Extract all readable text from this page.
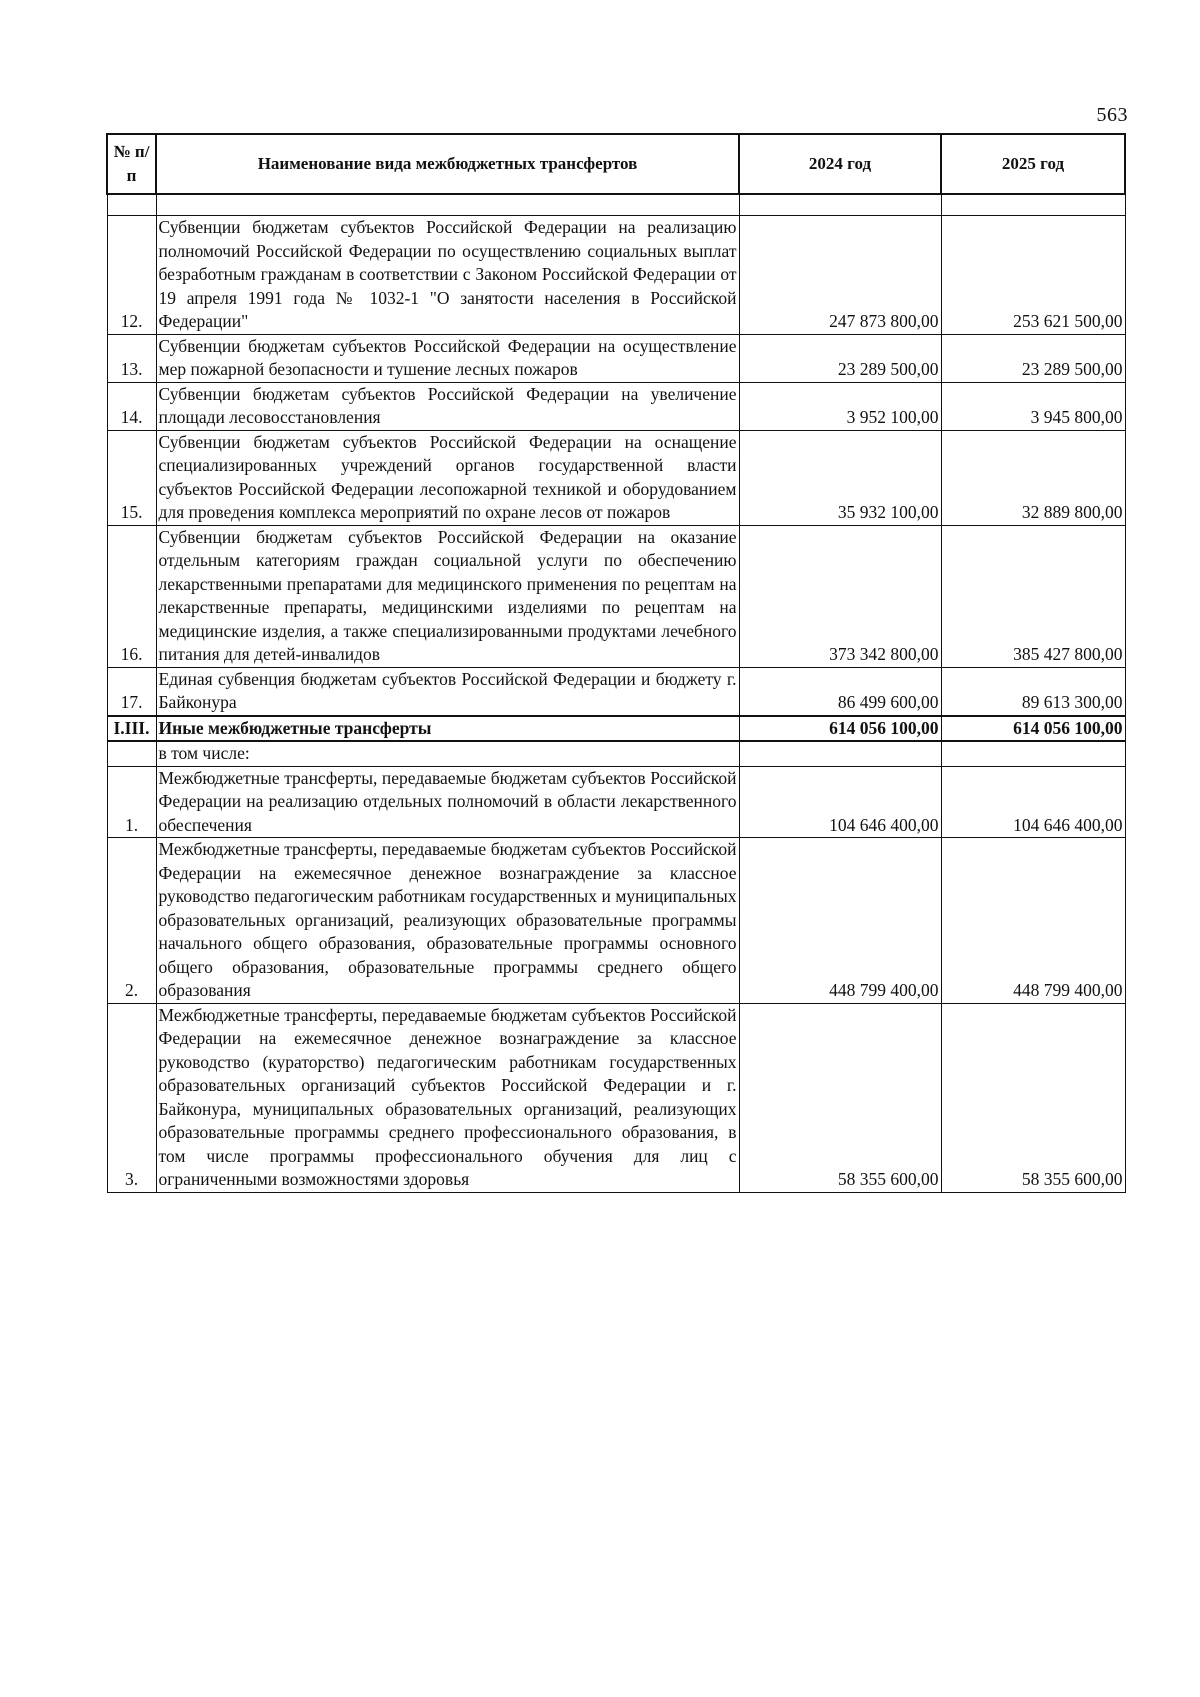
563
№ п/п	Наименование вида межбюджетных трансфертов	2024 год	2025 год

12.	Субвенции бюджетам субъектов Российской Федерации на реализацию полномочий Российской Федерации по осуществлению социальных выплат безработным гражданам в соответствии с Законом Российской Федерации от 19 апреля 1991 года № 1032-1 "О занятости населения в Российской Федерации"	247 873 800,00	253 621 500,00
13.	Субвенции бюджетам субъектов Российской Федерации на осуществление мер пожарной безопасности и тушение лесных пожаров	23 289 500,00	23 289 500,00
14.	Субвенции бюджетам субъектов Российской Федерации на увеличение площади лесовосстановления	3 952 100,00	3 945 800,00
15.	Субвенции бюджетам субъектов Российской Федерации на оснащение специализированных учреждений органов государственной власти субъектов Российской Федерации лесопожарной техникой и оборудованием для проведения комплекса мероприятий по охране лесов от пожаров	35 932 100,00	32 889 800,00
16.	Субвенции бюджетам субъектов Российской Федерации на оказание отдельным категориям граждан социальной услуги по обеспечению лекарственными препаратами для медицинского применения по рецептам на лекарственные препараты, медицинскими изделиями по рецептам на медицинские изделия, а также специализированными продуктами лечебного питания для детей-инвалидов	373 342 800,00	385 427 800,00
17.	Единая субвенция бюджетам субъектов Российской Федерации и бюджету г. Байконура	86 499 600,00	89 613 300,00
I.III.	Иные межбюджетные трансферты	614 056 100,00	614 056 100,00
	в том числе:		
1.	Межбюджетные трансферты, передаваемые бюджетам субъектов Российской Федерации на реализацию отдельных полномочий в области лекарственного обеспечения	104 646 400,00	104 646 400,00
2.	Межбюджетные трансферты, передаваемые бюджетам субъектов Российской Федерации на ежемесячное денежное вознаграждение за классное руководство педагогическим работникам государственных и муниципальных образовательных организаций, реализующих образовательные программы начального общего образования, образовательные программы основного общего образования, образовательные программы среднего общего образования	448 799 400,00	448 799 400,00
3.	Межбюджетные трансферты, передаваемые бюджетам субъектов Российской Федерации на ежемесячное денежное вознаграждение за классное руководство (кураторство) педагогическим работникам государственных образовательных организаций субъектов Российской Федерации и г. Байконура, муниципальных образовательных организаций, реализующих образовательные программы среднего профессионального образования, в том числе программы профессионального обучения для лиц с ограниченными возможностями здоровья	58 355 600,00	58 355 600,00
